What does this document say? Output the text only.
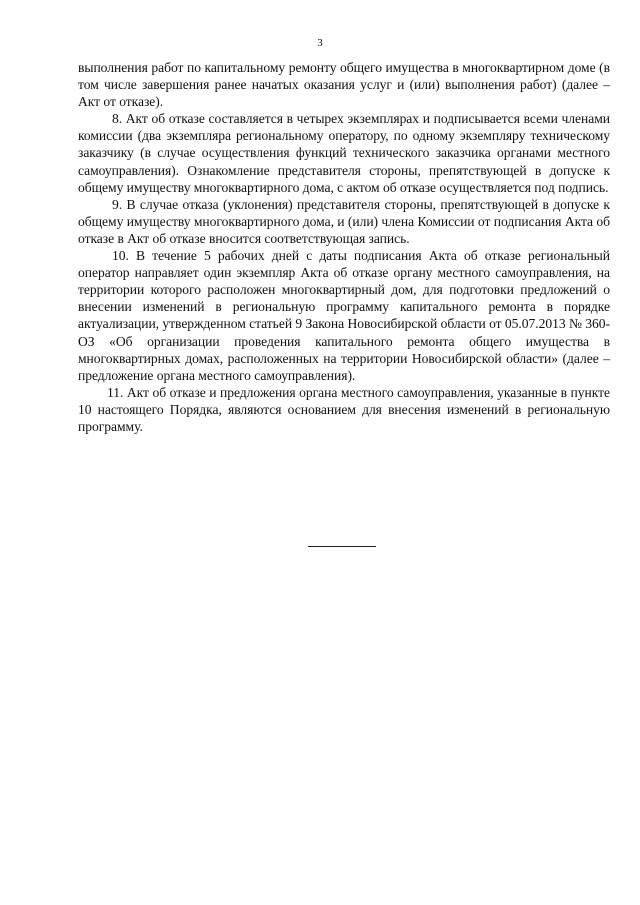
3

выполнения работ по капитальному ремонту общего имущества в многоквартирном доме (в том числе завершения ранее начатых оказания услуг и (или) выполнения работ) (далее – Акт от отказе).

8. Акт об отказе составляется в четырех экземплярах и подписывается всеми членами комиссии (два экземпляра региональному оператору, по одному экземпляру техническому заказчику (в случае осуществления функций технического заказчика органами местного самоуправления). Ознакомление представителя стороны, препятствующей в допуске к общему имуществу многоквартирного дома, с актом об отказе осуществляется под подпись.

9. В случае отказа (уклонения) представителя стороны, препятствующей в допуске к общему имуществу многоквартирного дома, и (или) члена Комиссии от подписания Акта об отказе в Акт об отказе вносится соответствующая запись.

10. В течение 5 рабочих дней с даты подписания Акта об отказе региональный оператор направляет один экземпляр Акта об отказе органу местного самоуправления, на территории которого расположен многоквартирный дом, для подготовки предложений о внесении изменений в региональную программу капитального ремонта в порядке актуализации, утвержденном статьей 9 Закона Новосибирской области от 05.07.2013 № 360-ОЗ «Об организации проведения капитального ремонта общего имущества в многоквартирных домах, расположенных на территории Новосибирской области» (далее – предложение органа местного самоуправления).

11. Акт об отказе и предложения органа местного самоуправления, указанные в пункте 10 настоящего Порядка, являются основанием для внесения изменений в региональную программу.
